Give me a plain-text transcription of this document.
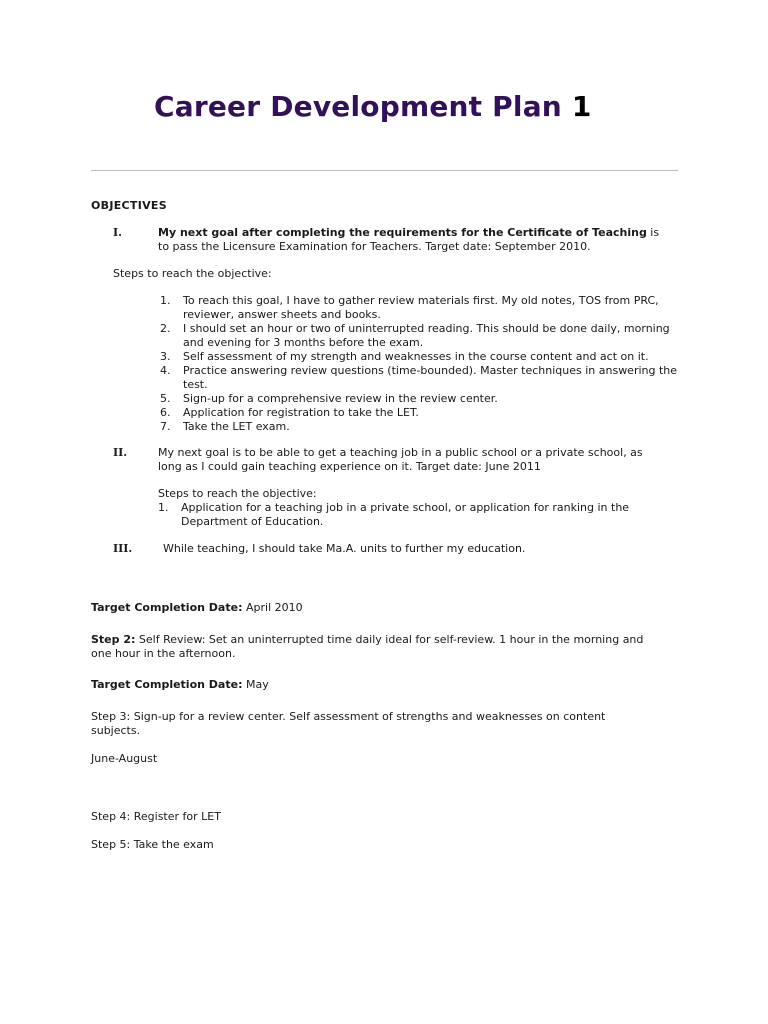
Career Development Plan 1
OBJECTIVES
I.	My next goal after completing the requirements for the Certificate of Teaching is
to pass the Licensure Examination for Teachers. Target date: September 2010.
Steps to reach the objective:
1. To reach this goal, I have to gather review materials first. My old notes, TOS from PRC, reviewer, answer sheets and books.
2. I should set an hour or two of uninterrupted reading. This should be done daily, morning and evening for 3 months before the exam.
3. Self assessment of my strength and weaknesses in the course content and act on it.
4. Practice answering review questions (time-bounded). Master techniques in answering the test.
5. Sign-up for a comprehensive review in the review center.
6. Application for registration to take the LET.
7. Take the LET exam.
II.	My next goal is to be able to get a teaching job in a public school or a private school, as
long as I could gain teaching experience on it. Target date: June 2011
Steps to reach the objective:
1. Application for a teaching job in a private school, or application for ranking in the
Department of Education.
III.	While teaching, I should take Ma.A. units to further my education.
Target Completion Date: April 2010
Step 2: Self Review: Set an uninterrupted time daily ideal for self-review. 1 hour in the morning and
one hour in the afternoon.
Target Completion Date: May
Step 3: Sign-up for a review center. Self assessment of strengths and weaknesses on content
subjects.
June-August
Step 4: Register for LET
Step 5: Take the exam
